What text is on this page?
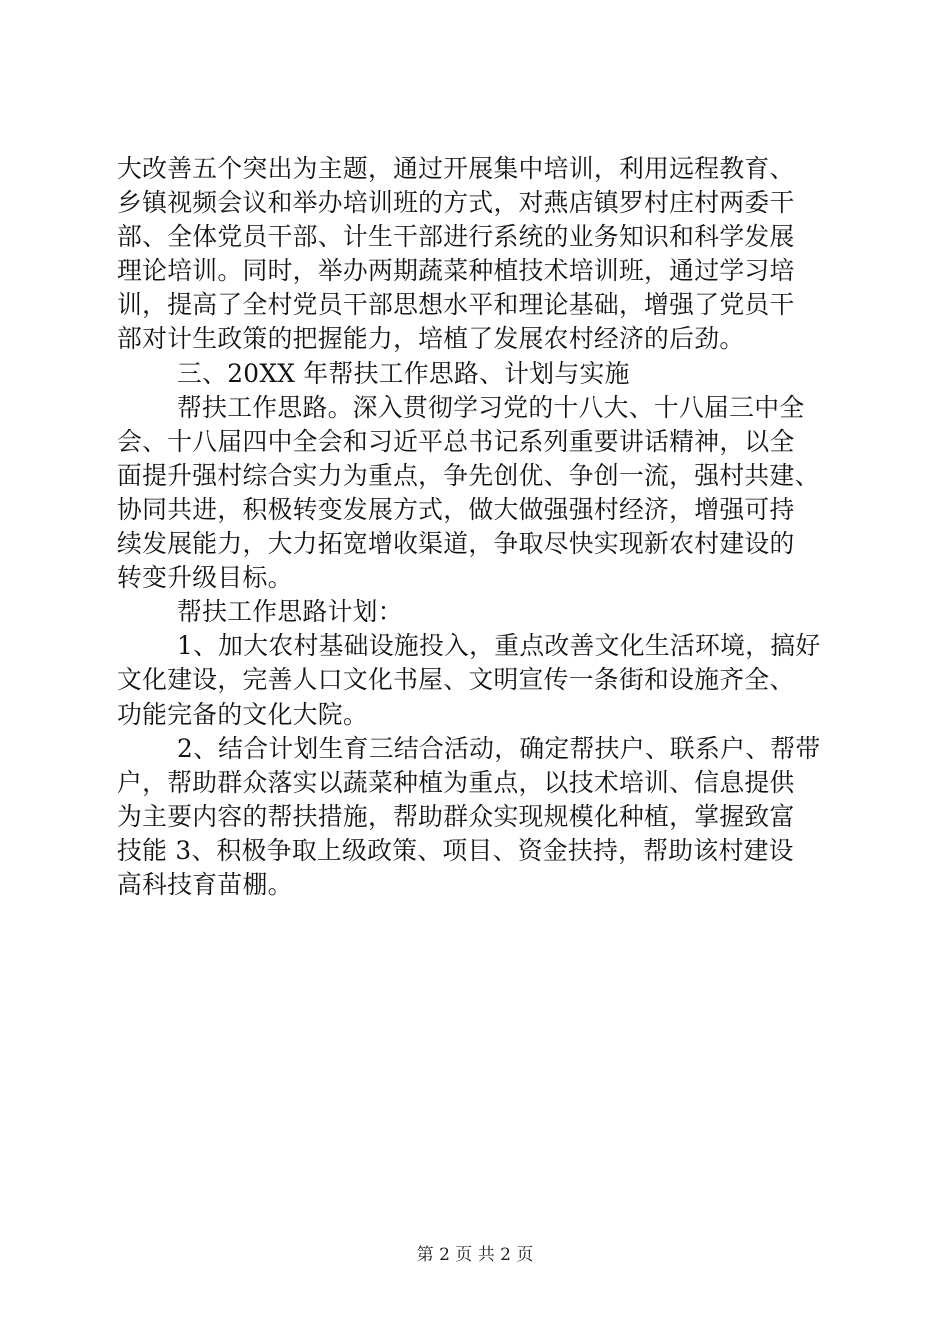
大改善五个突出为主题，通过开展集中培训，利用远程教育、
乡镇视频会议和举办培训班的方式，对燕店镇罗村庄村两委干
部、全体党员干部、计生干部进行系统的业务知识和科学发展
理论培训。同时，举办两期蔬菜种植技术培训班，通过学习培
训，提高了全村党员干部思想水平和理论基础，增强了党员干
部对计生政策的把握能力，培植了发展农村经济的后劲。
三、20XX 年帮扶工作思路、计划与实施
帮扶工作思路。深入贯彻学习党的十八大、十八届三中全
会、十八届四中全会和习近平总书记系列重要讲话精神，以全
面提升强村综合实力为重点，争先创优、争创一流，强村共建、
协同共进，积极转变发展方式，做大做强强村经济，增强可持
续发展能力，大力拓宽增收渠道，争取尽快实现新农村建设的
转变升级目标。
帮扶工作思路计划：
1、加大农村基础设施投入，重点改善文化生活环境，搞好
文化建设，完善人口文化书屋、文明宣传一条街和设施齐全、
功能完备的文化大院。
2、结合计划生育三结合活动，确定帮扶户、联系户、帮带
户，帮助群众落实以蔬菜种植为重点，以技术培训、信息提供
为主要内容的帮扶措施，帮助群众实现规模化种植，掌握致富
技能 3、积极争取上级政策、项目、资金扶持，帮助该村建设
高科技育苗棚。
第 2 页 共 2 页
